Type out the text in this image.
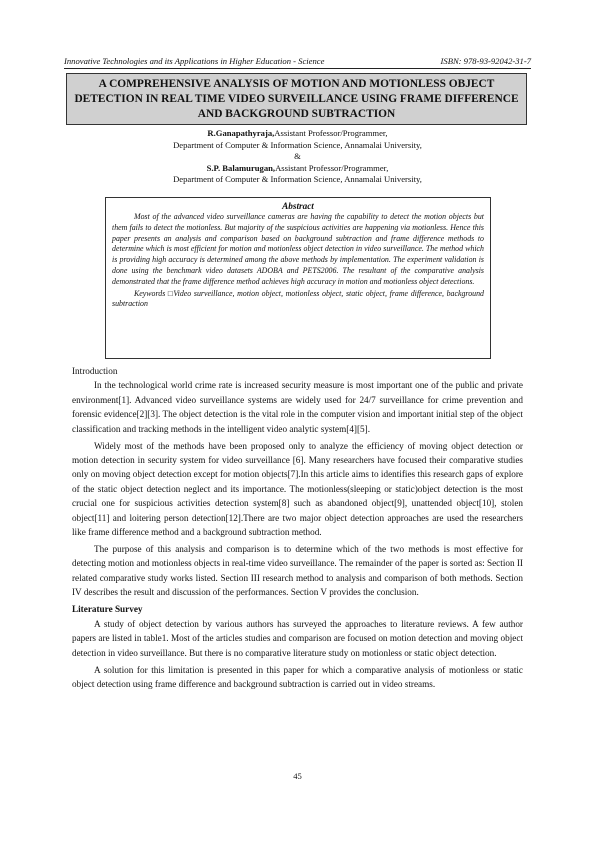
Innovative Technologies and its Applications in Higher Education - Science	ISBN: 978-93-92042-31-7
A COMPREHENSIVE ANALYSIS OF MOTION AND MOTIONLESS OBJECT DETECTION IN REAL TIME VIDEO SURVEILLANCE USING FRAME DIFFERENCE AND BACKGROUND SUBTRACTION
R.Ganapathyraja,Assistant Professor/Programmer,
Department of Computer & Information Science, Annamalai University,
&
S.P. Balamurugan,Assistant Professor/Programmer,
Department of Computer & Information Science, Annamalai University,
Abstract

Most of the advanced video surveillance cameras are having the capability to detect the motion objects but them fails to detect the motionless. But majority of the suspicious activities are happening via motionless. Hence this paper presents an analysis and comparison based on background subtraction and frame difference methods to determine which is most efficient for motion and motionless object detection in video surveillance. The method which is providing high accuracy is determined among the above methods by implementation. The experiment validation is done using the benchmark video datasets ADOBA and PETS2006. The resultant of the comparative analysis demonstrated that the frame difference method achieves high accuracy in motion and motionless object detections.

Keywords □Video surveillance, motion object, motionless object, static object, frame difference, background subtraction

Introduction

In the technological world crime rate is increased security measure is most important one of the public and private environment[1]. Advanced video surveillance systems are widely used for 24/7 surveillance for crime prevention and forensic evidence[2][3]. The object detection is the vital role in the computer vision and important initial step of the object classification and tracking methods in the intelligent video analytic system[4][5].

Widely most of the methods have been proposed only to analyze the efficiency of moving object detection or motion detection in security system for video surveillance [6]. Many researchers have focused their comparative studies only on moving object detection except for motion objects[7].In this article aims to identifies this research gaps of explore of the static object detection neglect and its importance. The motionless(sleeping or static)object detection is the most crucial one for suspicious activities detection system[8] such as abandoned object[9], unattended object[10], stolen object[11] and loitering person detection[12].There are two major object detection approaches are used the researchers like frame difference method and a background subtraction method.

The purpose of this analysis and comparison is to determine which of the two methods is most effective for detecting motion and motionless objects in real-time video surveillance. The remainder of the paper is sorted as: Section II related comparative study works listed. Section III research method to analysis and comparison of both methods. Section IV describes the result and discussion of the performances. Section V provides the conclusion.

Literature Survey

A study of object detection by various authors has surveyed the approaches to literature reviews. A few author papers are listed in table1. Most of the articles studies and comparison are focused on motion detection and moving object detection in video surveillance. But there is no comparative literature study on motionless or static object detection.

A solution for this limitation is presented in this paper for which a comparative analysis of motionless or static object detection using frame difference and background subtraction is carried out in video streams.

45
